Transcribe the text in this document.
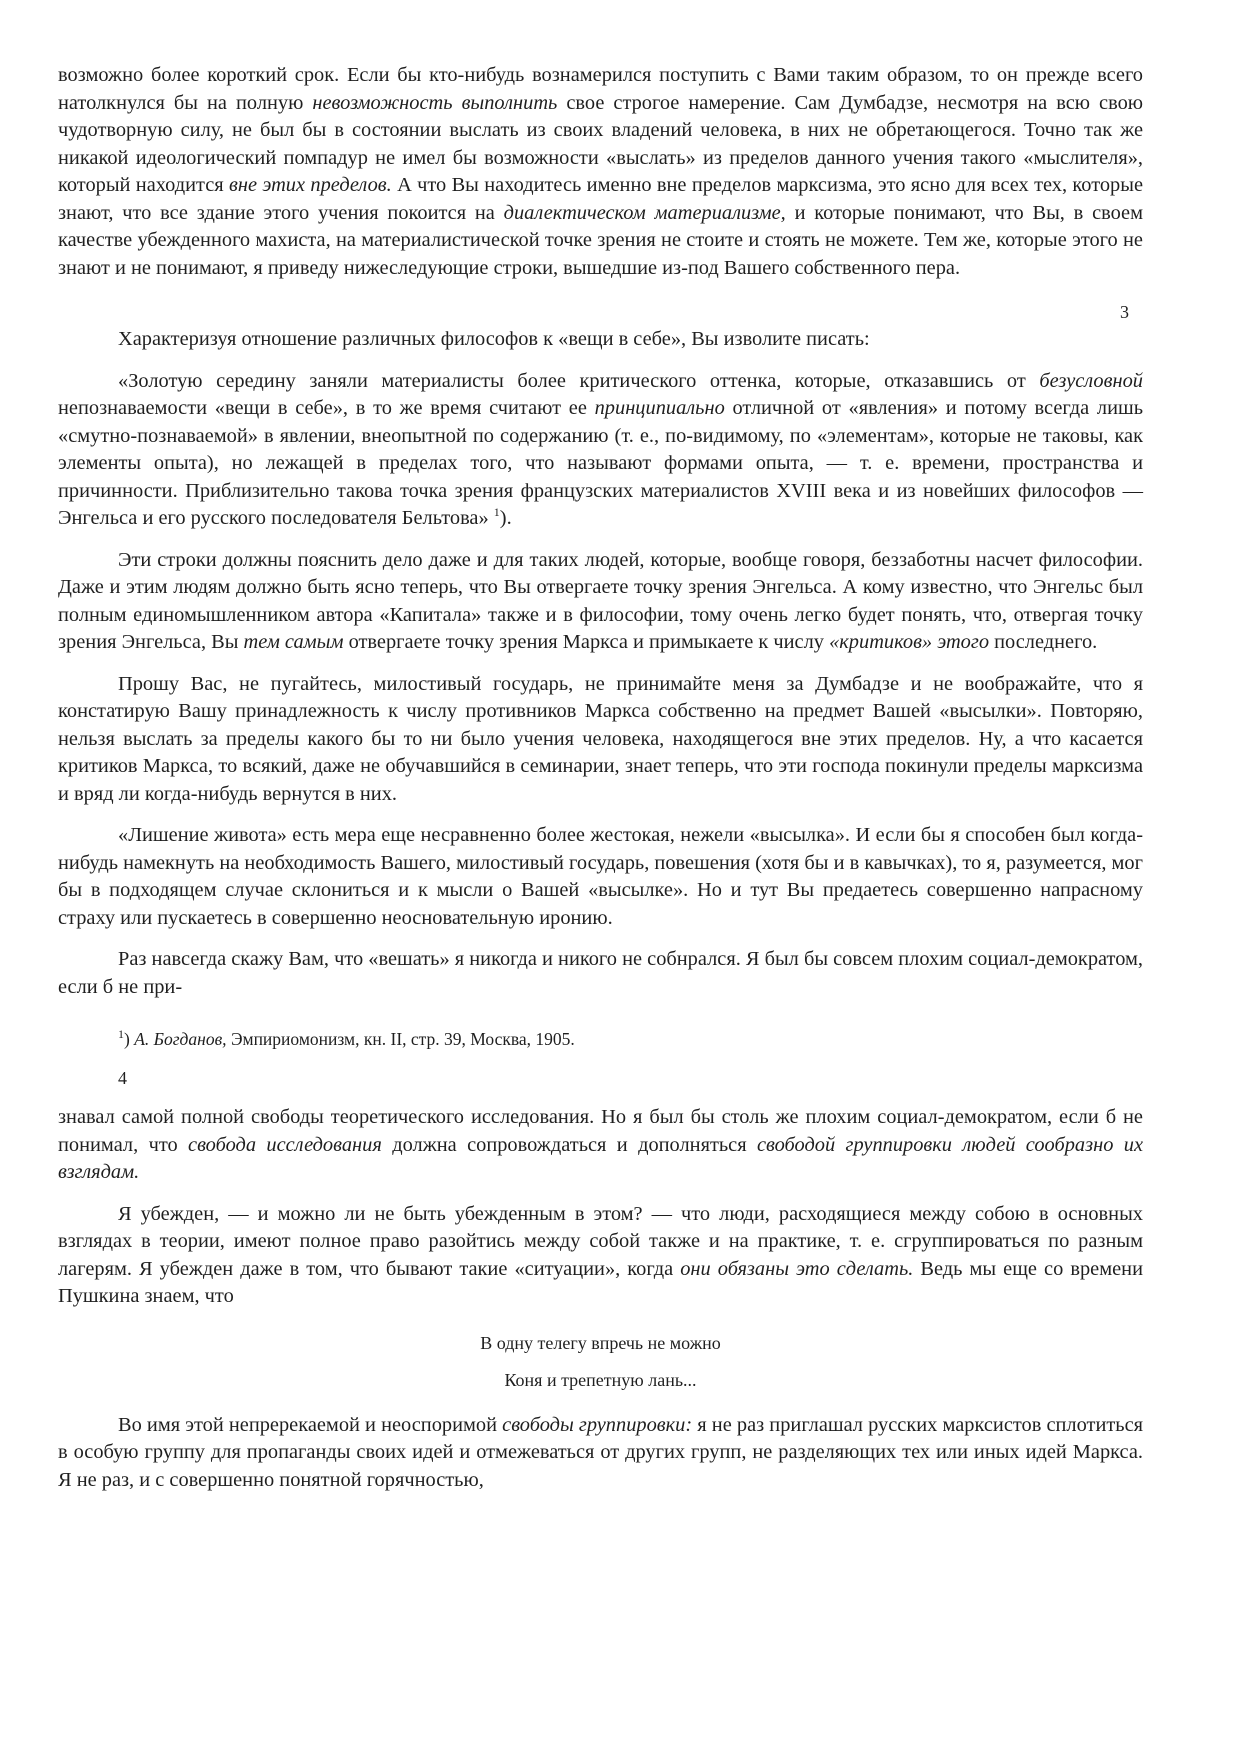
возможно более короткий срок. Если бы кто-нибудь вознамерился поступить с Вами таким образом, то он прежде всего натолкнулся бы на полную невозможность выполнить свое строгое намерение. Сам Думбадзе, несмотря на всю свою чудотворную силу, не был бы в состоянии выслать из своих владений человека, в них не обретающегося. Точно так же никакой идеологический помпадур не имел бы возможности «выслать» из пределов данного учения такого «мыслителя», который находится вне этих пределов. А что Вы находитесь именно вне пределов марксизма, это ясно для всех тех, которые знают, что все здание этого учения покоится на диалектическом материализме, и которые понимают, что Вы, в своем качестве убежденного махиста, на материалистической точке зрения не стоите и стоять не можете. Тем же, которые этого не знают и не понимают, я приведу нижеследующие строки, вышедшие из-под Вашего собственного пера.

3

Характеризуя отношение различных философов к «вещи в себе», Вы изволите писать:

«Золотую середину заняли материалисты более критического оттенка, которые, отказавшись от безусловной непознаваемости «вещи в себе», в то же время считают ее принципиально отличной от «явления» и потому всегда лишь «смутно-познаваемой» в явлении, внеопытной по содержанию (т. е., по-видимому, по «элементам», которые не таковы, как элементы опыта), но лежащей в пределах того, что называют формами опыта, — т. е. времени, пространства и причинности. Приблизительно такова точка зрения французских материалистов XVIII века и из новейших философов — Энгельса и его русского последователя Бельтова» $^1$).

Эти строки должны пояснить дело даже и для таких людей, которые, вообще говоря, беззаботны насчет философии. Даже и этим людям должно быть ясно теперь, что Вы отвергаете точку зрения Энгельса. А кому известно, что Энгельс был полным единомышленником автора «Капитала» также и в философии, тому очень легко будет понять, что, отвергая точку зрения Энгельса, Вы тем самым отвергаете точку зрения Маркса и примыкаете к числу «критиков» этого последнего.

Прошу Вас, не пугайтесь, милостивый государь, не принимайте меня за Думбадзе и не воображайте, что я констатирую Вашу принадлежность к числу противников Маркса собственно на предмет Вашей «высылки». Повторяю, нельзя выслать за пределы какого бы то ни было учения человека, находящегося вне этих пределов. Ну, а что касается критиков Маркса, то всякий, даже не обучавшийся в семинарии, знает теперь, что эти господа покинули пределы марксизма и вряд ли когда-нибудь вернутся в них.

«Лишение живота» есть мера еще несравненно более жестокая, нежели «высылка». И если бы я способен был когда-нибудь намекнуть на необходимость Вашего, милостивый государь, повешения (хотя бы и в кавычках), то я, разумеется, мог бы в подходящем случае склониться и к мысли о Вашей «высылке». Но и тут Вы предаетесь совершенно напрасному страху или пускаетесь в совершенно неосновательную иронию.

Раз навсегда скажу Вам, что «вешать» я никогда и никого не собнрался. Я был бы совсем плохим социал-демократом, если б не при-

$^1$) А. Богданов, Эмпириомонизм, кн. II, стр. 39, Москва, 1905.

4

знавал самой полной свободы теоретического исследования. Но я был бы столь же плохим социал-демократом, если б не понимал, что свобода исследования должна сопровождаться и дополняться свободой группировки людей сообразно их взглядам.

Я убежден, — и можно ли не быть убежденным в этом? — что люди, расходящиеся между собою в основных взглядах в теории, имеют полное право разойтись между собой также и на практике, т. е. сгруппироваться по разным лагерям. Я убежден даже в том, что бывают такие «ситуации», когда они обязаны это сделать. Ведь мы еще со времени Пушкина знаем, что

В одну телегу впречь не можно
Коня и трепетную лань...

Во имя этой непререкаемой и неоспоримой свободы группировки: я не раз приглашал русских марксистов сплотиться в особую группу для пропаганды своих идей и отмежеваться от других групп, не разделяющих тех или иных идей Маркса. Я не раз, и с совершенно понятной горячностью,
